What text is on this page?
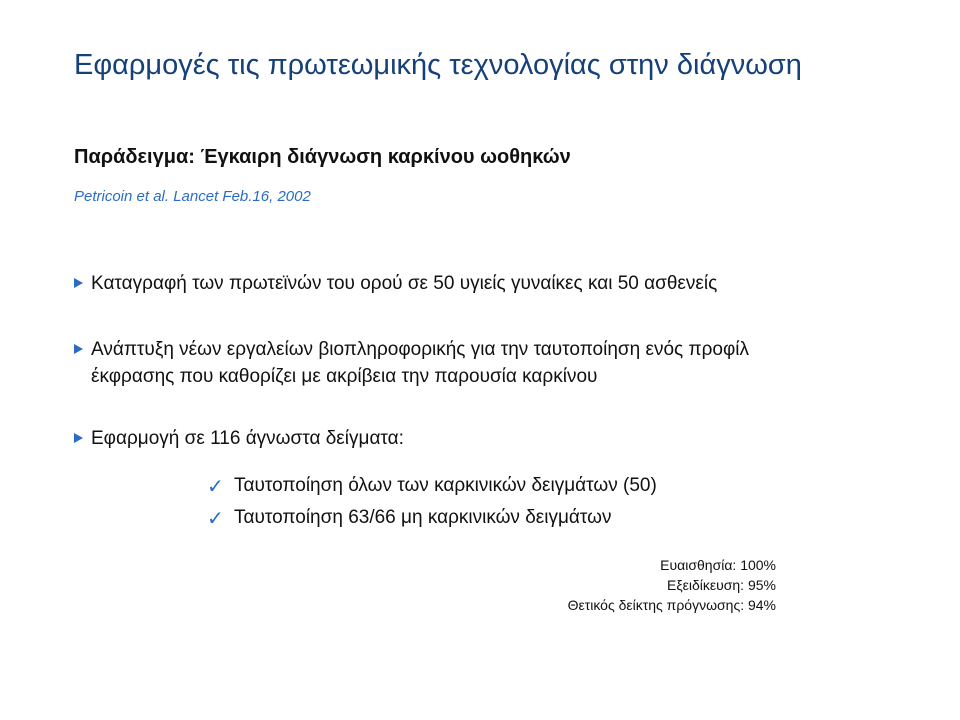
Εφαρμογές τις πρωτεωμικής τεχνολογίας στην διάγνωση
Παράδειγμα: Έγκαιρη διάγνωση καρκίνου ωοθηκών

Petricoin et al. Lancet Feb.16, 2002

Καταγραφή των πρωτεϊνών του ορού σε 50 υγιείς γυναίκες και 50 ασθενείς
Ανάπτυξη νέων εργαλείων βιοπληροφορικής για την ταυτοποίηση ενός προφίλ
έκφρασης που καθορίζει με ακρίβεια την παρουσία καρκίνου
Εφαρμογή σε 116 άγνωστα δείγματα:
✓ Ταυτοποίηση όλων των καρκινικών δειγμάτων (50)
✓ Ταυτοποίηση 63/66 μη καρκινικών δειγμάτων
Ευαισθησία: 100%
Εξειδίκευση: 95%
Θετικός δείκτης πρόγνωσης: 94%
